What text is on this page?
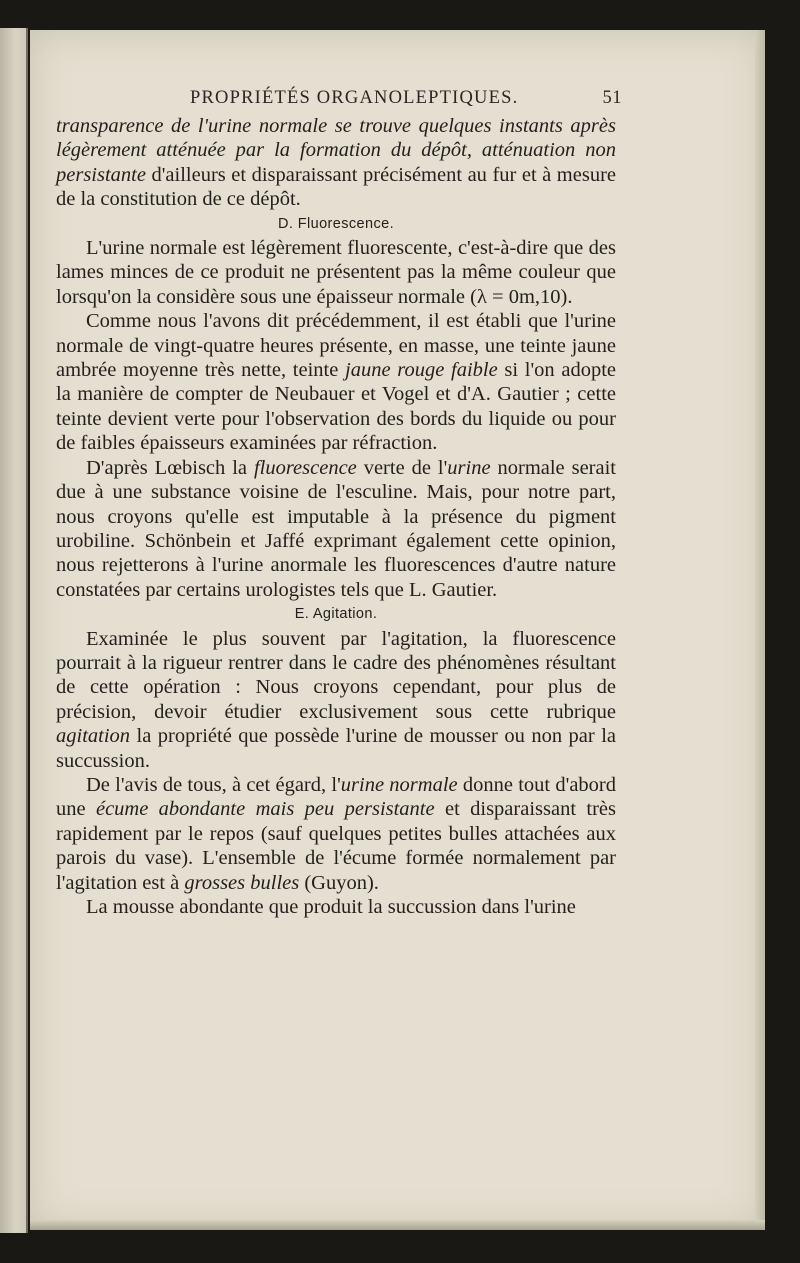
PROPRIÉTÉS ORGANOLEPTIQUES.	51

transparence de l'urine normale se trouve quelques instants après légèrement atténuée par la formation du dépôt, atténuation non persistante d'ailleurs et disparaissant précisément au fur et à mesure de la constitution de ce dépôt.

D. Fluorescence.

L'urine normale est légèrement fluorescente, c'est-à-dire que des lames minces de ce produit ne présentent pas la même couleur que lorsqu'on la considère sous une épaisseur normale (λ = 0m,10).

Comme nous l'avons dit précédemment, il est établi que l'urine normale de vingt-quatre heures présente, en masse, une teinte jaune ambrée moyenne très nette, teinte jaune rouge faible si l'on adopte la manière de compter de Neubauer et Vogel et d'A. Gautier ; cette teinte devient verte pour l'observation des bords du liquide ou pour de faibles épaisseurs examinées par réfraction.

D'après Lœbisch la fluorescence verte de l'urine normale serait due à une substance voisine de l'esculine. Mais, pour notre part, nous croyons qu'elle est imputable à la présence du pigment urobiline. Schönbein et Jaffé exprimant également cette opinion, nous rejetterons à l'urine anormale les fluorescences d'autre nature constatées par certains urologistes tels que L. Gautier.

E. Agitation.

Examinée le plus souvent par l'agitation, la fluorescence pourrait à la rigueur rentrer dans le cadre des phénomènes résultant de cette opération : Nous croyons cependant, pour plus de précision, devoir étudier exclusivement sous cette rubrique agitation la propriété que possède l'urine de mousser ou non par la succussion.

De l'avis de tous, à cet égard, l'urine normale donne tout d'abord une écume abondante mais peu persistante et disparaissant très rapidement par le repos (sauf quelques petites bulles attachées aux parois du vase). L'ensemble de l'écume formée normalement par l'agitation est à grosses bulles (Guyon).

La mousse abondante que produit la succussion dans l'urine
